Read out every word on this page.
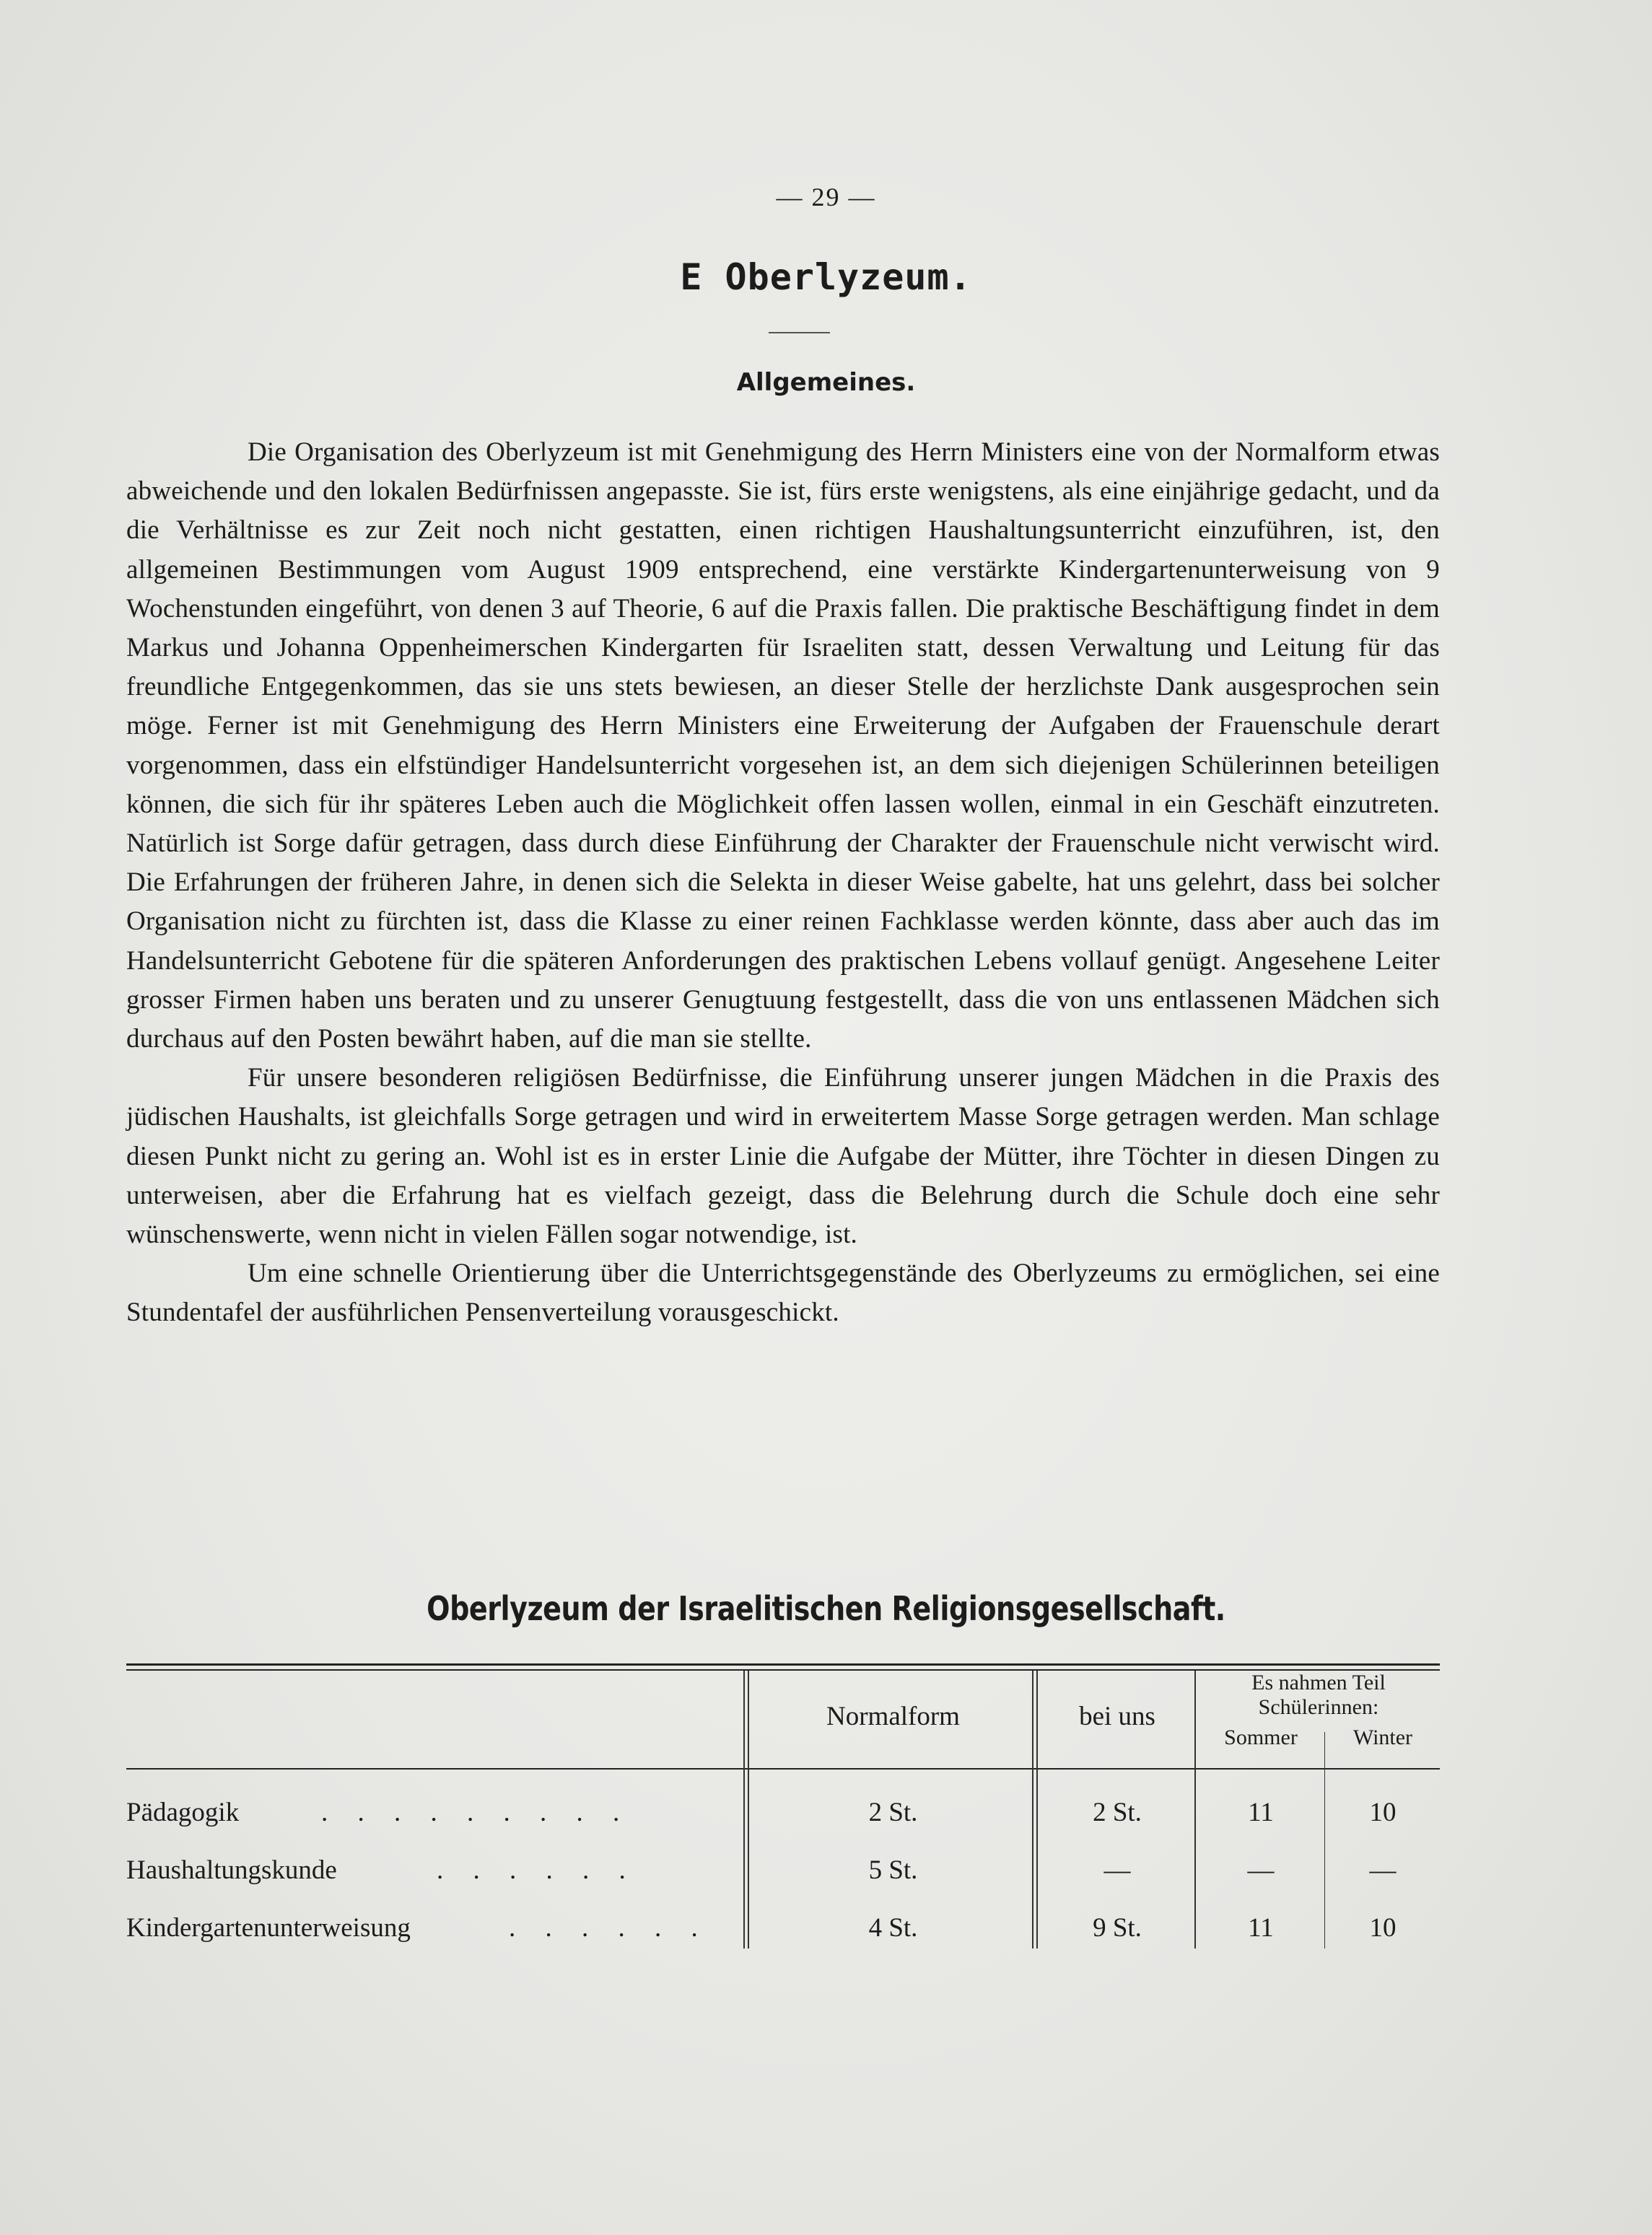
— 29 —
E Oberlyzeum.
Allgemeines.

Die Organisation des Oberlyzeum ist mit Genehmigung des Herrn Ministers eine von der Normalform etwas abweichende und den lokalen Bedürfnissen angepasste. Sie ist, fürs erste wenigstens, als eine einjährige gedacht, und da die Verhältnisse es zur Zeit noch nicht gestatten, einen richtigen Haushaltungsunterricht einzuführen, ist, den allgemeinen Bestimmungen vom August 1909 entsprechend, eine verstärkte Kindergartenunterweisung von 9 Wochenstunden eingeführt, von denen 3 auf Theorie, 6 auf die Praxis fallen. Die praktische Beschäftigung findet in dem Markus und Johanna Oppenheimerschen Kindergarten für Israeliten statt, dessen Verwaltung und Leitung für das freundliche Entgegenkommen, das sie uns stets bewiesen, an dieser Stelle der herzlichste Dank ausgesprochen sein möge. Ferner ist mit Genehmigung des Herrn Ministers eine Erweiterung der Aufgaben der Frauenschule derart vorgenommen, dass ein elfstündiger Handelsunterricht vorgesehen ist, an dem sich diejenigen Schülerinnen beteiligen können, die sich für ihr späteres Leben auch die Möglichkeit offen lassen wollen, einmal in ein Geschäft einzutreten. Natürlich ist Sorge dafür getragen, dass durch diese Einführung der Charakter der Frauenschule nicht verwischt wird. Die Erfahrungen der früheren Jahre, in denen sich die Selekta in dieser Weise gabelte, hat uns gelehrt, dass bei solcher Organisation nicht zu fürchten ist, dass die Klasse zu einer reinen Fachklasse werden könnte, dass aber auch das im Handelsunterricht Gebotene für die späteren Anforderungen des praktischen Lebens vollauf genügt. Angesehene Leiter grosser Firmen haben uns beraten und zu unserer Genugtuung festgestellt, dass die von uns entlassenen Mädchen sich durchaus auf den Posten bewährt haben, auf die man sie stellte.

Für unsere besonderen religiösen Bedürfnisse, die Einführung unserer jungen Mädchen in die Praxis des jüdischen Haushalts, ist gleichfalls Sorge getragen und wird in erweitertem Masse Sorge getragen werden. Man schlage diesen Punkt nicht zu gering an. Wohl ist es in erster Linie die Aufgabe der Mütter, ihre Töchter in diesen Dingen zu unterweisen, aber die Erfahrung hat es vielfach gezeigt, dass die Belehrung durch die Schule doch eine sehr wünschenswerte, wenn nicht in vielen Fällen sogar notwendige, ist.

Um eine schnelle Orientierung über die Unterrichtsgegenstände des Oberlyzeums zu ermöglichen, sei eine Stundentafel der ausführlichen Pensenverteilung vorausgeschickt.

Oberlyzeum der Israelitischen Religionsgesellschaft.
Normalform	bei uns
Es nahmen Teil
Schülerinnen:
Sommer	Winter
Pädagogik	. . . . . . . . .	2 St.	2 St.	11	10
Haushaltungskunde	. . . . . .	5 St.	—	—	—
Kindergartenunterweisung	. . . . . .	4 St.	9 St.	11	10
